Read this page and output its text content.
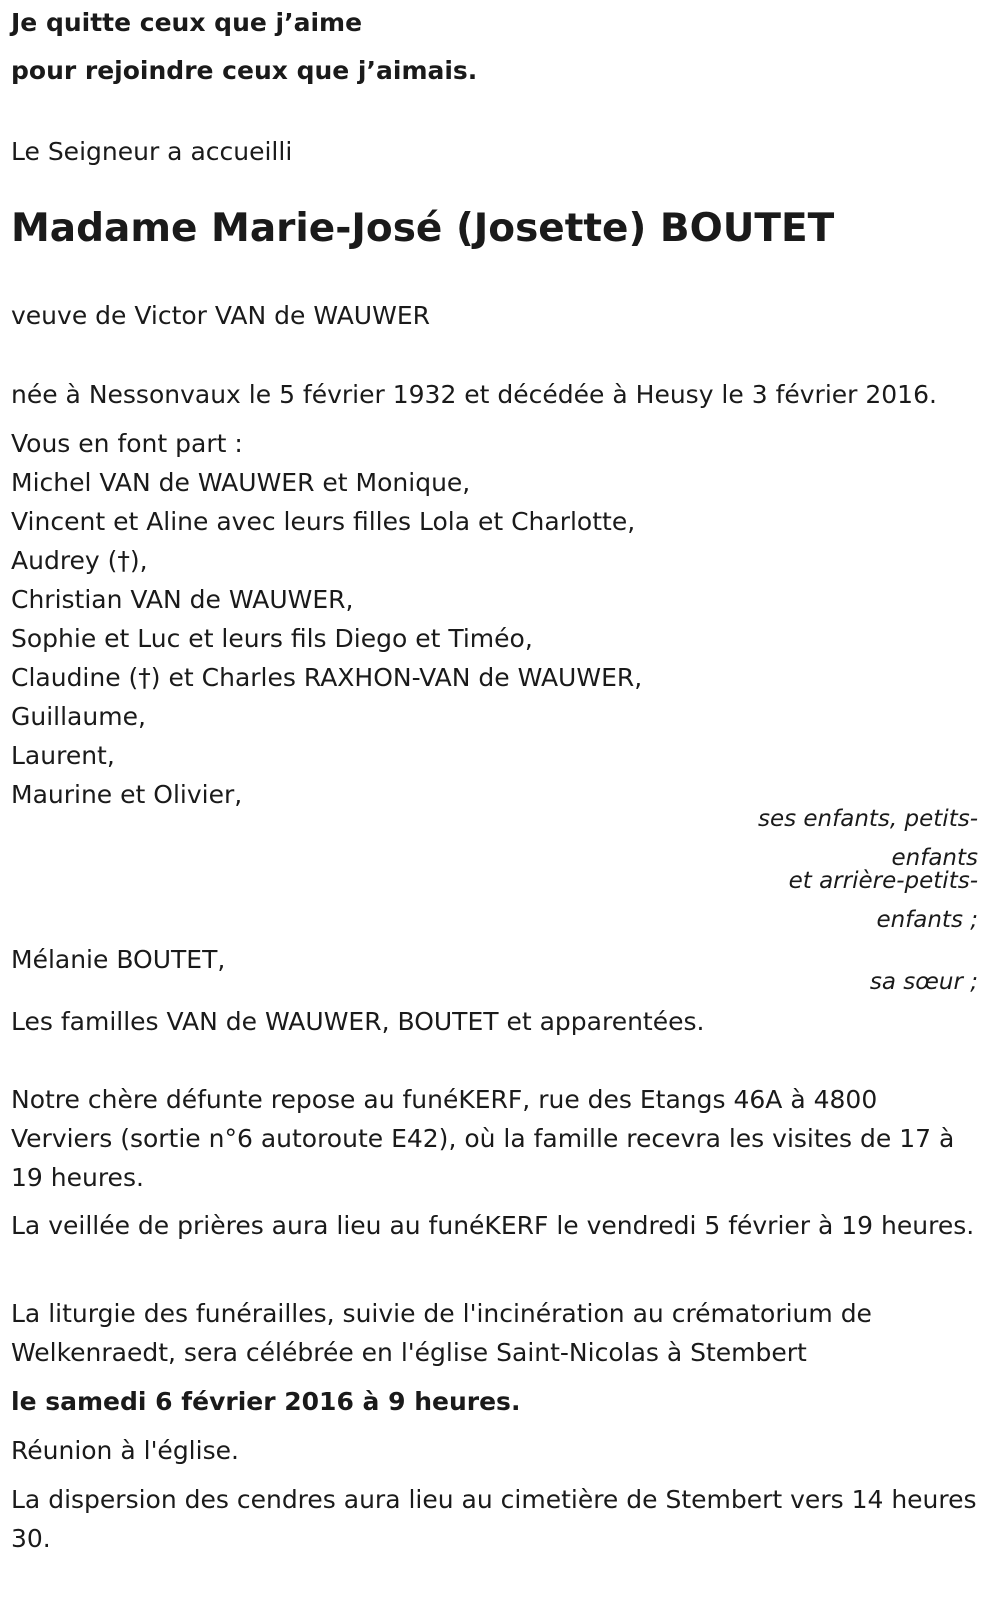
Je quitte ceux que j’aime
pour rejoindre ceux que j’aimais.
Le Seigneur a accueilli
Madame Marie-José (Josette) BOUTET
veuve de Victor VAN de WAUWER
née à Nessonvaux le 5 février 1932 et décédée à Heusy le 3 février 2016.
Vous en font part :
Michel VAN de WAUWER et Monique,
Vincent et Aline avec leurs filles Lola et Charlotte,
Audrey (†),
Christian VAN de WAUWER,
Sophie et Luc et leurs fils Diego et Timéo,
Claudine (†) et Charles RAXHON-VAN de WAUWER,
Guillaume,
Laurent,
Maurine et Olivier,
ses enfants, petits-
enfants
et arrière-petits-
enfants ;
Mélanie BOUTET,
sa sœur ;
Les familles VAN de WAUWER, BOUTET et apparentées.
Notre chère défunte repose au funéKERF, rue des Etangs 46A à 4800 Verviers (sortie n°6 autoroute E42), où la famille recevra les visites de 17 à 19 heures.
La veillée de prières aura lieu au funéKERF le vendredi 5 février à 19 heures.
La liturgie des funérailles, suivie de l'incinération au crématorium de Welkenraedt, sera célébrée en l'église Saint-Nicolas à Stembert
le samedi 6 février 2016 à 9 heures.
Réunion à l'église.
La dispersion des cendres aura lieu au cimetière de Stembert vers 14 heures 30.
